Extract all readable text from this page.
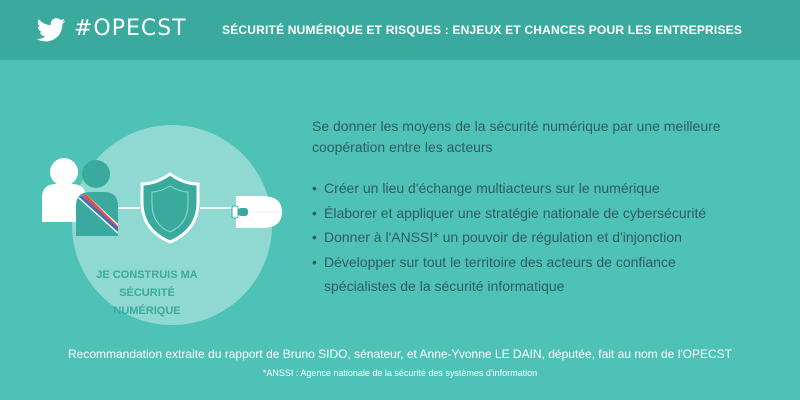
#OPECST	SÉCURITÉ NUMÉRIQUE ET RISQUES : ENJEUX ET CHANCES POUR LES ENTREPRISES
JE CONSTRUIS MA SÉCURITÉ
NUMÉRIQUE
Se donner les moyens de la sécurité numérique par une meilleure coopération entre les acteurs
• Créer un lieu d'échange multiacteurs sur le numérique
• Élaborer et appliquer une stratégie nationale de cybersécurité
• Donner à l'ANSSI* un pouvoir de régulation et d'injonction
• Développer sur tout le territoire des acteurs de confiance
spécialistes de la sécurité informatique
Recommandation extraite du rapport de Bruno SIDO, sénateur, et Anne-Yvonne LE DAIN, députée, fait au nom de l'OPECST
*ANSSI : Agence nationale de la sécurité des systèmes d'information
